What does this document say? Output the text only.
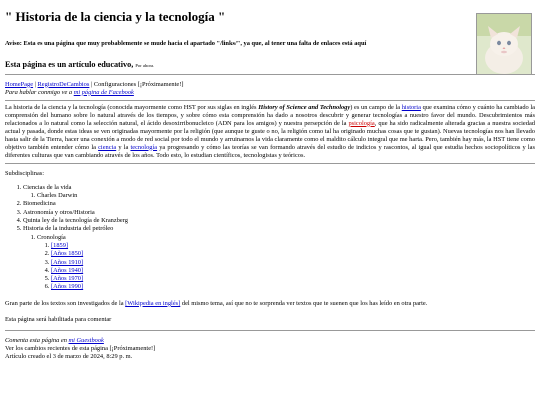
" Historia de la ciencia y la tecnología "
Aviso: Esta es una página que muy probablemente se mude hacia el apartado "/links/", ya que, al tener una falta de enlaces está aquí
Esta página es un artículo educativo, Por ahora.
HomePage | RegistroDeCambios | Configuraciones [¡Próximamente!]
Para hablar conmigo ve a mi página de Facebook

La historia de la ciencia y la tecnología (conocida mayormente como HST por sus siglas en inglés History of Science and Technology) es un campo de la historia que examina cómo y cuánto ha cambiado la comprensión del humano sobre lo natural através de los tiempos, y sobre cómo esta comprensión ha dado a nosotros descubrir y generar tecnologías a nuestro favor del mundo. Descubrimientos más relacionados a lo natural como la selección natural, el ácido desoxirribonucleico (ADN para los amigos) y nuestra persepción de la psicología, que ha sido radicalmente alterada gracias a nuestra sociedad actual y pasada, donde estas ideas se ven originadas mayormente por la religión (que aunque te guste o no, la religión como tal ha originado muchas cosas que te gustan). Nuevas tecnologías nos han llevado hasta salir de la Tierra, hacer una conexión a modo de red social por todo el mundo y arruinarnos la vida claramente como el maldito cálculo integral que me harta. Pero, también hay más, la HST tiene como objetivo también entender cómo la ciencia y la tecnología ya progresando y cómo las teorías se van formando através del estudio de indicios y rascontos, al igual que estudia hechos sociopolíticos y las diferentes culturas que van cambiando através de los años. Todo esto, lo estudian científicos, tecnologistas y teóricos.

Subdisciplinas:
1. Ciencias de la vida
1. Charles Darwin
2. Biomedicina
3. Astronomía y otros/Historia
4. Quinta ley de la tecnología de Kranzberg
5. Historia de la industria del petróleo
1. Cronología
1. [1859]
2. [Años 1850]
3. [Años 1910]
4. [Años 1940]
5. [Años 1970]
6. [Años 1990]

Gran parte de los textos son investigados de la [Wikipedia en inglés] del mismo tema, así que no te sorprenda ver textos que te suenen que los has leído en otra parte.

Esta página será habilitada para comentar

Comenta esta página en mi Guestbook
Ver los cambios recientes de esta página [¡Próximamente!]
Artículo creado el 3 de marzo de 2024, 8:29 p. m.
